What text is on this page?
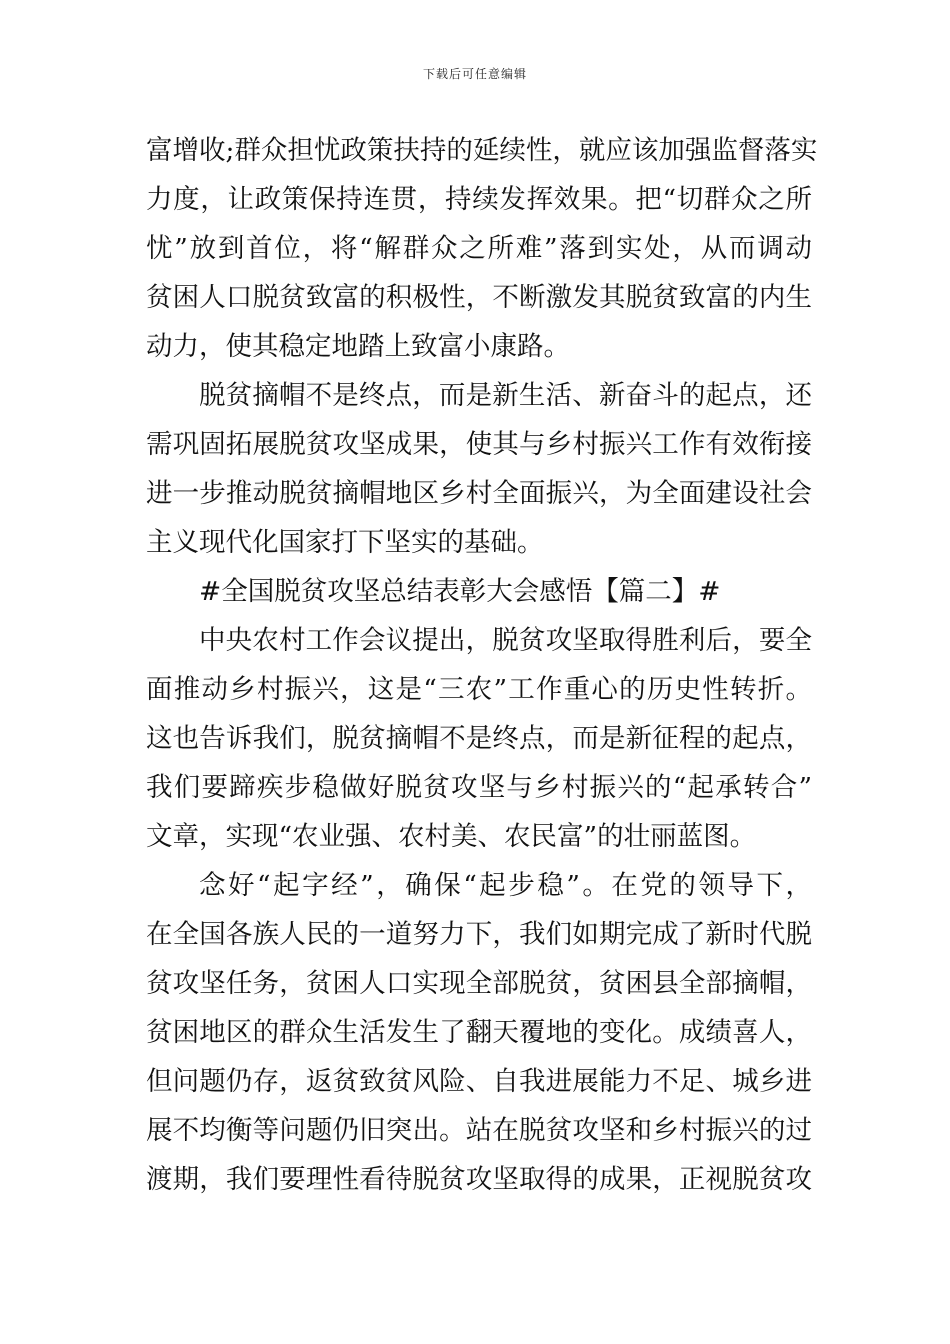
下载后可任意编辑
富增收;群众担忧政策扶持的延续性，就应该加强监督落实
力度，让政策保持连贯，持续发挥效果。把“切群众之所
忧”放到首位，将“解群众之所难”落到实处，从而调动
贫困人口脱贫致富的积极性，不断激发其脱贫致富的内生
动力，使其稳定地踏上致富小康路。
脱贫摘帽不是终点，而是新生活、新奋斗的起点，还
需巩固拓展脱贫攻坚成果，使其与乡村振兴工作有效衔接
进一步推动脱贫摘帽地区乡村全面振兴，为全面建设社会
主义现代化国家打下坚实的基础。
#全国脱贫攻坚总结表彰大会感悟【篇二】#
中央农村工作会议提出，脱贫攻坚取得胜利后，要全
面推动乡村振兴，这是“三农”工作重心的历史性转折。
这也告诉我们，脱贫摘帽不是终点，而是新征程的起点，
我们要蹄疾步稳做好脱贫攻坚与乡村振兴的“起承转合”
文章，实现“农业强、农村美、农民富”的壮丽蓝图。
念好“起字经”，确保“起步稳”。在党的领导下，
在全国各族人民的一道努力下，我们如期完成了新时代脱
贫攻坚任务，贫困人口实现全部脱贫，贫困县全部摘帽，
贫困地区的群众生活发生了翻天覆地的变化。成绩喜人，
但问题仍存，返贫致贫风险、自我进展能力不足、城乡进
展不均衡等问题仍旧突出。站在脱贫攻坚和乡村振兴的过
渡期，我们要理性看待脱贫攻坚取得的成果，正视脱贫攻
